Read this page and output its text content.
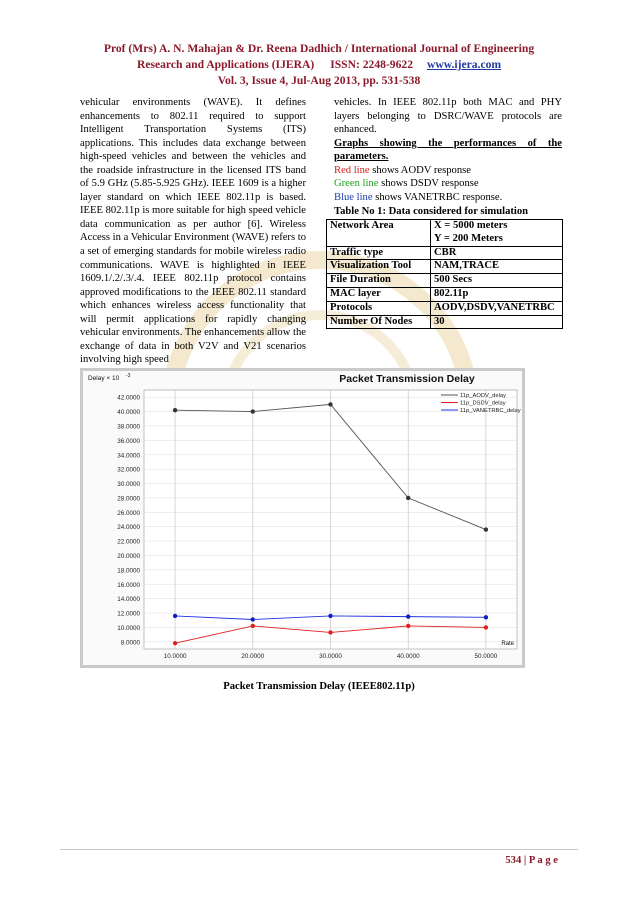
Prof (Mrs) A. N. Mahajan & Dr. Reena Dadhich / International Journal of Engineering
Research and Applications (IJERA) ISSN: 2248-9622 www.ijera.com
Vol. 3, Issue 4, Jul-Aug 2013, pp. 531-538

vehicular environments (WAVE). It defines enhancements to 802.11 required to support Intelligent Transportation Systems (ITS) applications. This includes data exchange between high-speed vehicles and between the vehicles and the roadside infrastructure in the licensed ITS band of 5.9 GHz (5.85-5.925 GHz). IEEE 1609 is a higher layer standard on which IEEE 802.11p is based. IEEE 802.11p is more suitable for high speed vehicle data communication as per author [6]. Wireless Access in a Vehicular Environment (WAVE) refers to a set of emerging standards for mobile wireless radio communications. WAVE is highlighted in IEEE 1609.1/.2/.3/.4. IEEE 802.11p protocol contains approved modifications to the IEEE 802.11 standard which enhances wireless access functionality that will permit applications for rapidly changing vehicular environments. The enhancements allow the exchange of data in both V2V and V21 scenarios involving high speed

vehicles. In IEEE 802.11p both MAC and PHY layers belonging to DSRC/WAVE protocols are enhanced.

Graphs showing the performances of the parameters.
Red line shows AODV response
Green line shows DSDV response
Blue line shows VANETRBC response.
Table No 1: Data considered for simulation
Network Area	X = 5000 meters
Y = 200 Meters
Traffic type	CBR
Visualization Tool	NAM,TRACE
File Duration	500 Secs
MAC layer	802.11p
Protocols	AODV,DSDV,VANETRBC
Number Of Nodes	30
8.0000
10.0000
12.0000
14.0000
16.0000
18.0000
20.0000
22.0000
24.0000
26.0000
28.0000
30.0000
32.0000
34.0000
36.0000
38.0000
40.0000
42.0000
10.0000	20.0000	30.0000	40.0000	50.0000
Packet Transmission Delay
Delay × 10 -3
Rate
11p_AODV_delay
11p_DSDV_delay
11p_VANETRBC_delay
Packet Transmission Delay (IEEE802.11p)
534 | P a g e
